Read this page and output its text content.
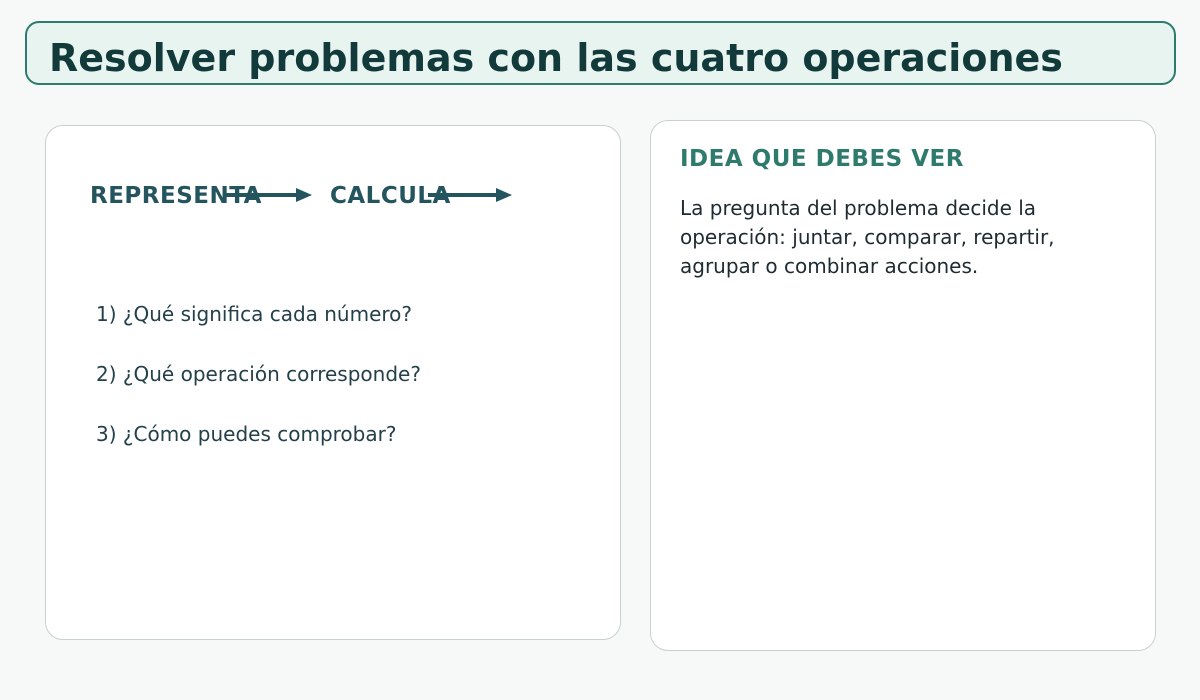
Resolver problemas con las cuatro operaciones
REPRESENTA	CALCULA
1) ¿Qué significa cada número?
2) ¿Qué operación corresponde?
3) ¿Cómo puedes comprobar?
IDEA QUE DEBES VER

La pregunta del problema decide la operación: juntar, comparar, repartir, agrupar o combinar acciones.
